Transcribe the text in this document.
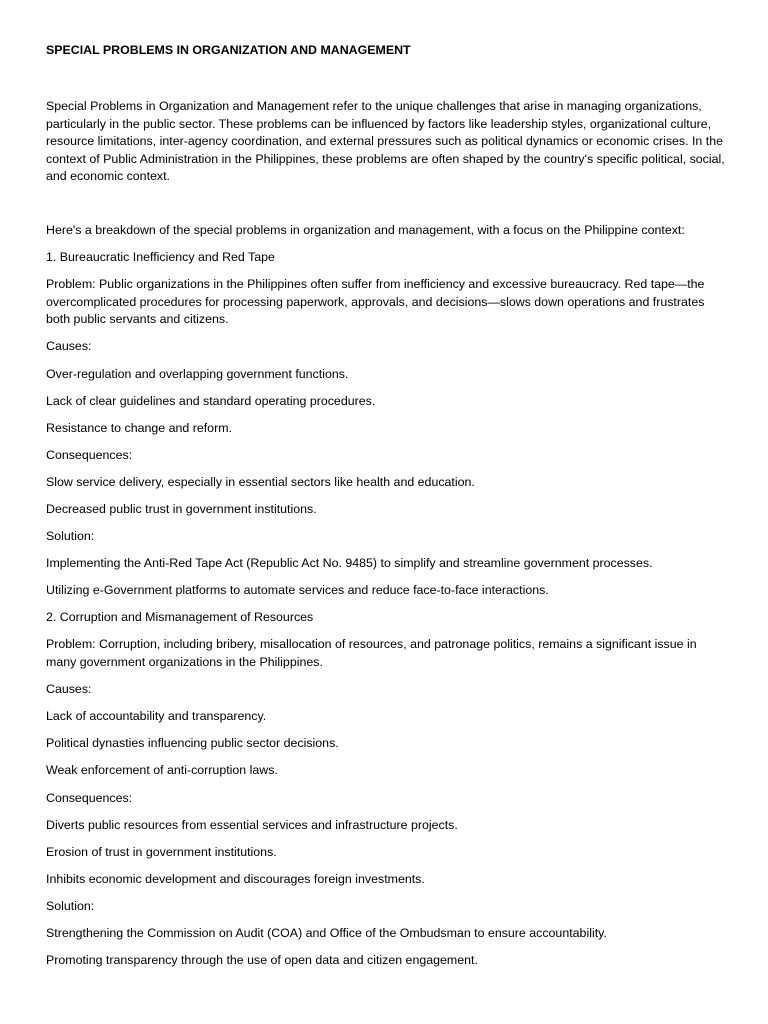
SPECIAL PROBLEMS IN ORGANIZATION AND MANAGEMENT

Special Problems in Organization and Management refer to the unique challenges that arise in managing organizations, particularly in the public sector. These problems can be influenced by factors like leadership styles, organizational culture, resource limitations, inter-agency coordination, and external pressures such as political dynamics or economic crises. In the context of Public Administration in the Philippines, these problems are often shaped by the country's specific political, social, and economic context.

Here's a breakdown of the special problems in organization and management, with a focus on the Philippine context:

1. Bureaucratic Inefficiency and Red Tape

Problem: Public organizations in the Philippines often suffer from inefficiency and excessive bureaucracy. Red tape—the overcomplicated procedures for processing paperwork, approvals, and decisions—slows down operations and frustrates both public servants and citizens.

Causes:

Over-regulation and overlapping government functions.

Lack of clear guidelines and standard operating procedures.

Resistance to change and reform.

Consequences:

Slow service delivery, especially in essential sectors like health and education.

Decreased public trust in government institutions.

Solution:

Implementing the Anti-Red Tape Act (Republic Act No. 9485) to simplify and streamline government processes.

Utilizing e-Government platforms to automate services and reduce face-to-face interactions.

2. Corruption and Mismanagement of Resources

Problem: Corruption, including bribery, misallocation of resources, and patronage politics, remains a significant issue in many government organizations in the Philippines.

Causes:

Lack of accountability and transparency.

Political dynasties influencing public sector decisions.

Weak enforcement of anti-corruption laws.

Consequences:

Diverts public resources from essential services and infrastructure projects.

Erosion of trust in government institutions.

Inhibits economic development and discourages foreign investments.

Solution:

Strengthening the Commission on Audit (COA) and Office of the Ombudsman to ensure accountability.

Promoting transparency through the use of open data and citizen engagement.
